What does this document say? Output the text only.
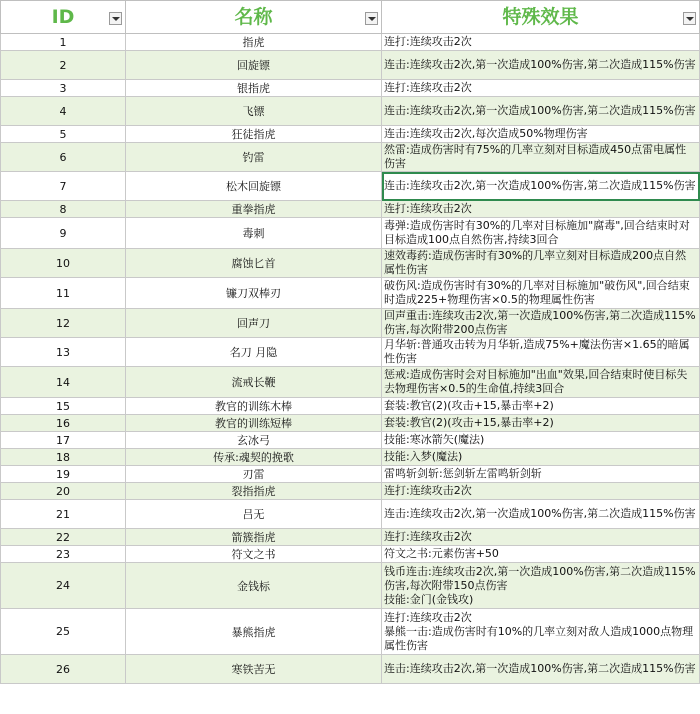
ID	名称	特殊效果

1	指虎	连打:连续攻击2次
2	回旋镖	连击:连续攻击2次,第一次造成100%伤害,第二次造成115%伤害
3	银指虎	连打:连续攻击2次
4	飞镖	连击:连续攻击2次,第一次造成100%伤害,第二次造成115%伤害
5	狂徒指虎	连击:连续攻击2次,每次造成50%物理伤害
6	钓雷	然雷:造成伤害时有75%的几率立刻对目标造成450点雷电属性伤害
7	松木回旋镖	连击:连续攻击2次,第一次造成100%伤害,第二次造成115%伤害
8	重拳指虎	连打:连续攻击2次
9	毒刺	毒弹:造成伤害时有30%的几率对目标施加"腐毒",回合结束时对目标造成100点自然伤害,持续3回合
10	腐蚀匕首	速效毒药:造成伤害时有30%的几率立刻对目标造成200点自然属性伤害
11	镰刀双棒刃	破伤风:造成伤害时有30%的几率对目标施加"破伤风",回合结束时造成225+物理伤害×0.5的物理属性伤害
12	回声刀	回声重击:连续攻击2次,第一次造成100%伤害,第二次造成115%伤害,每次附带200点伤害
13	名刀 月隐	月华斩:普通攻击转为月华斩,造成75%+魔法伤害×1.65的暗属性伤害
14	流戒长鞭	惩戒:造成伤害时会对目标施加"出血"效果,回合结束时使目标失去物理伤害×0.5的生命值,持续3回合
15	教官的训练木棒	套装:教官(2)(攻击+15,暴击率+2)
16	教官的训练短棒	套装:教官(2)(攻击+15,暴击率+2)
17	玄冰弓	技能:寒冰箭矢(魔法)
18	传承:魂契的挽歌	技能:入梦(魔法)
19	刃雷	雷鸣斩剑斩:惩剑斩左雷鸣斩剑斩
20	裂指指虎	连打:连续攻击2次
21	吕无	连击:连续攻击2次,第一次造成100%伤害,第二次造成115%伤害
22	箭簇指虎	连打:连续攻击2次
23	符文之书	符文之书:元素伤害+50
24	金钱标	钱币连击:连续攻击2次,第一次造成100%伤害,第二次造成115%伤害,每次附带150点伤害
技能:金门(金钱攻)
25	暴熊指虎	连打:连续攻击2次
暴熊一击:造成伤害时有10%的几率立刻对敌人造成1000点物理属性伤害
26	寒铁苦无	连击:连续攻击2次,第一次造成100%伤害,第二次造成115%伤害
